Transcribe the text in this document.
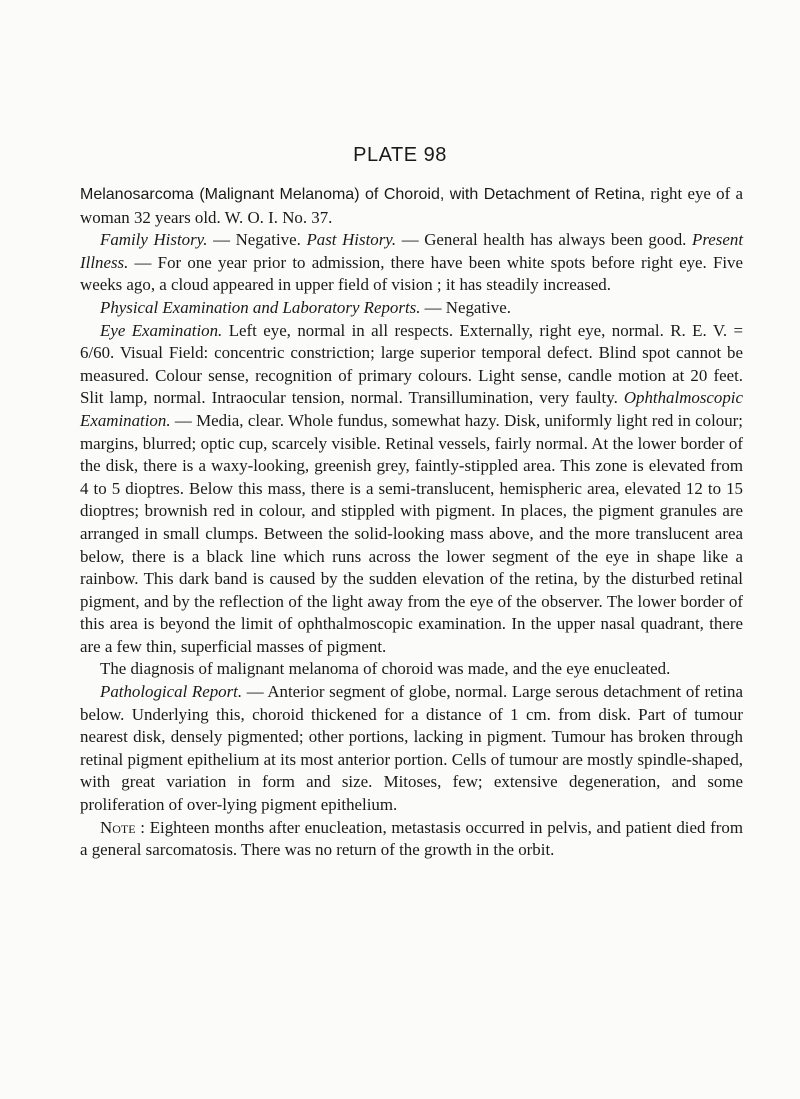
PLATE 98

Melanosarcoma (Malignant Melanoma) of Choroid, with Detachment of Retina, right eye of a woman 32 years old. W. O. I. No. 37.

Family History. — Negative. Past History. — General health has always been good. Present Illness. — For one year prior to admission, there have been white spots before right eye. Five weeks ago, a cloud appeared in upper field of vision ; it has steadily increased.

Physical Examination and Laboratory Reports. — Negative.

Eye Examination. Left eye, normal in all respects. Externally, right eye, normal. R. E. V. = 6/60. Visual Field: concentric constriction; large superior temporal defect. Blind spot cannot be measured. Colour sense, recognition of primary colours. Light sense, candle motion at 20 feet. Slit lamp, normal. Intraocular tension, normal. Transillumination, very faulty. Ophthalmoscopic Examination. — Media, clear. Whole fundus, somewhat hazy. Disk, uniformly light red in colour; margins, blurred; optic cup, scarcely visible. Retinal vessels, fairly normal. At the lower border of the disk, there is a waxy-looking, greenish grey, faintly-stippled area. This zone is elevated from 4 to 5 dioptres. Below this mass, there is a semi-translucent, hemispheric area, elevated 12 to 15 dioptres; brownish red in colour, and stippled with pigment. In places, the pigment granules are arranged in small clumps. Between the solid-looking mass above, and the more translucent area below, there is a black line which runs across the lower segment of the eye in shape like a rainbow. This dark band is caused by the sudden elevation of the retina, by the disturbed retinal pigment, and by the reflection of the light away from the eye of the observer. The lower border of this area is beyond the limit of ophthalmoscopic examination. In the upper nasal quadrant, there are a few thin, superficial masses of pigment.

The diagnosis of malignant melanoma of choroid was made, and the eye enucleated.

Pathological Report. — Anterior segment of globe, normal. Large serous detachment of retina below. Underlying this, choroid thickened for a distance of 1 cm. from disk. Part of tumour nearest disk, densely pigmented; other portions, lacking in pigment. Tumour has broken through retinal pigment epithelium at its most anterior portion. Cells of tumour are mostly spindle-shaped, with great variation in form and size. Mitoses, few; extensive degeneration, and some proliferation of over-lying pigment epithelium.

Note : Eighteen months after enucleation, metastasis occurred in pelvis, and patient died from a general sarcomatosis. There was no return of the growth in the orbit.
